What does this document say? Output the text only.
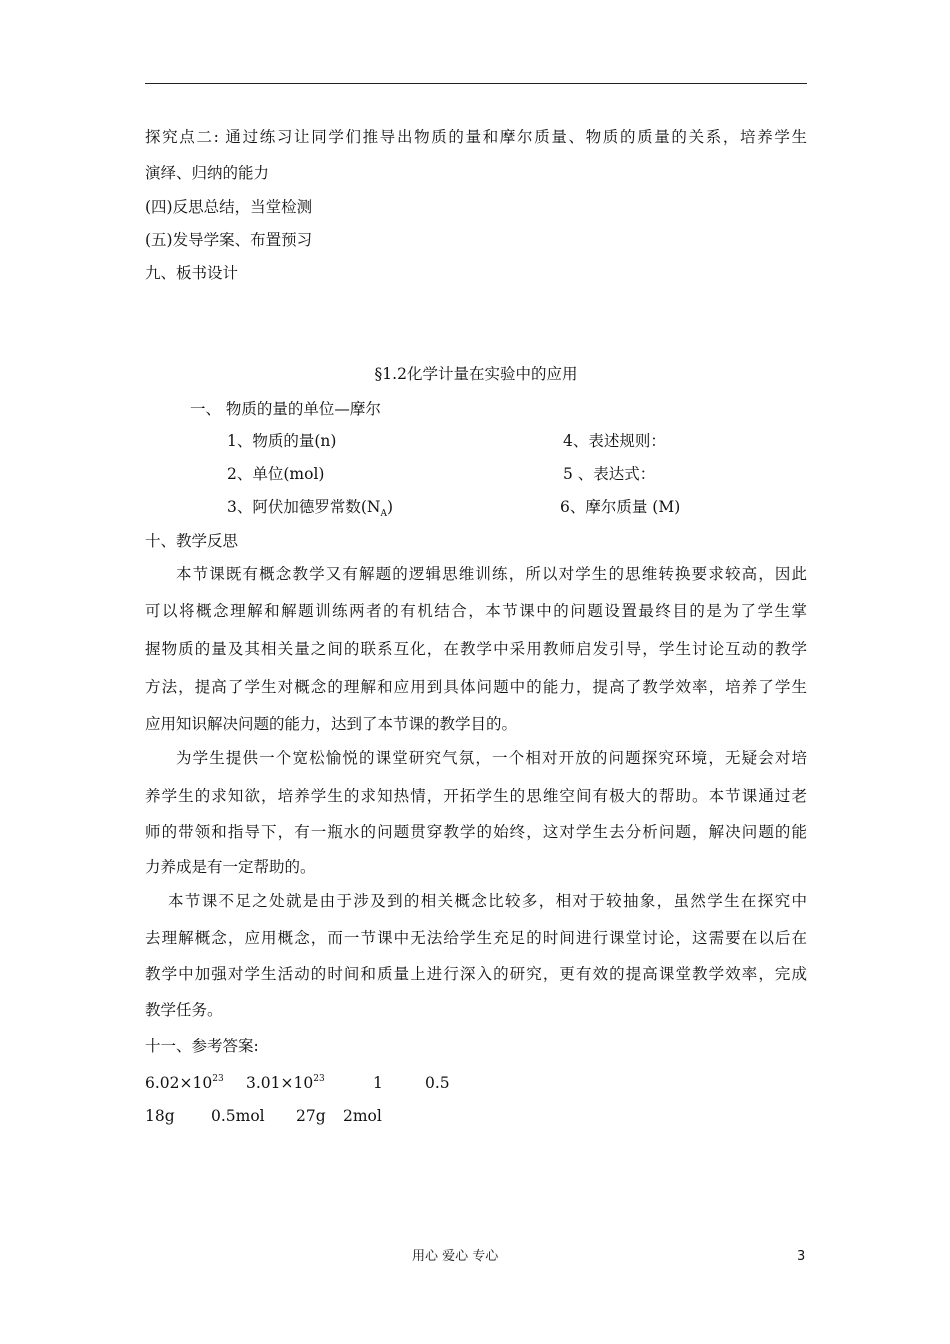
探究点二: 通过练习让同学们推导出物质的量和摩尔质量、物质的质量的关系，培养学生
演绎、归纳的能力
(四)反思总结，当堂检测
(五)发导学案、布置预习
九、板书设计
§1.2化学计量在实验中的应用
一、 物质的量的单位—摩尔
1、物质的量(n)
2、单位(mol)
3、阿伏加德罗常数$(N_A)$
4、表述规则：
5 、表达式：
6、摩尔质量 (M)
十、教学反思
本节课既有概念教学又有解题的逻辑思维训练，所以对学生的思维转换要求较高，因此
可以将概念理解和解题训练两者的有机结合，本节课中的问题设置最终目的是为了学生掌
握物质的量及其相关量之间的联系互化，在教学中采用教师启发引导，学生讨论互动的教学
方法，提高了学生对概念的理解和应用到具体问题中的能力，提高了教学效率，培养了学生
应用知识解决问题的能力，达到了本节课的教学目的。
为学生提供一个宽松愉悦的课堂研究气氛，一个相对开放的问题探究环境，无疑会对培
养学生的求知欲，培养学生的求知热情，开拓学生的思维空间有极大的帮助。本节课通过老
师的带领和指导下，有一瓶水的问题贯穿教学的始终，这对学生去分析问题，解决问题的能
力养成是有一定帮助的。
本节课不足之处就是由于涉及到的相关概念比较多，相对于较抽象，虽然学生在探究中
去理解概念，应用概念，而一节课中无法给学生充足的时间进行课堂讨论，这需要在以后在
教学中加强对学生活动的时间和质量上进行深入的研究，更有效的提高课堂教学效率，完成
教学任务。
十一、参考答案:
$6.02\times 10^{23}$ $3.01\times 10^{23}$	1	0.5
18g 0.5mol 27g 2mol
用心 爱心 专心	3
